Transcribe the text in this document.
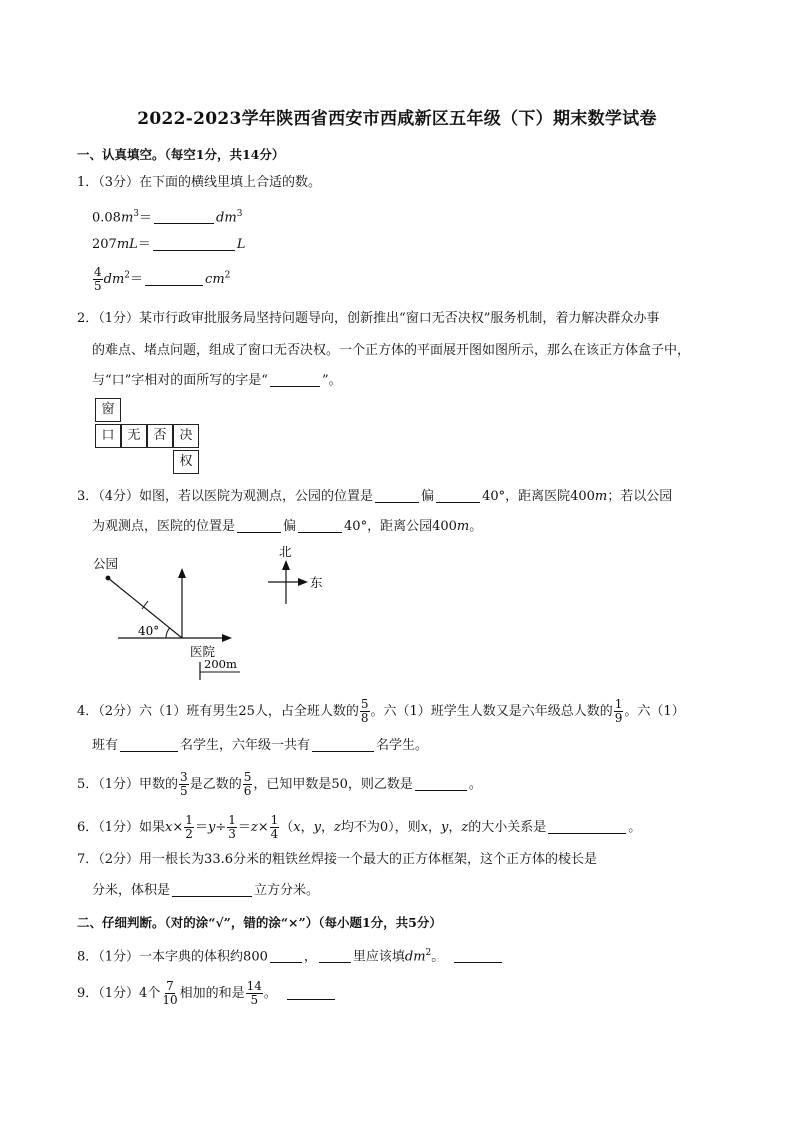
2022-2023学年陕西省西安市西咸新区五年级（下）期末数学试卷
一、认真填空。（每空1分，共14分）
1．（3分）在下面的横线里填上合适的数。
$0.08m^3=$	$dm^3$
207mL＝	L
$\frac{4}{5} dm^2=$	$cm^2$
2．（1分）某市行政审批服务局坚持问题导向，创新推出“窗口无否决权”服务机制，着力解决群众办事
的难点、堵点问题，组成了窗口无否决权。一个正方体的平面展开图如图所示，那么在该正方体盒子中，
与“口”字相对的面所写的字是“	”。
窗
口 无 否 决
权
3．（4分）如图，若以医院为观测点，公园的位置是	偏	40°，距离医院400m；若以公园
为观测点，医院的位置是	偏	40°，距离公园400m。
40°
公园
医院
200m
北
东
4．（2分）六（1）班有男生25人，占全班人数的 $\frac{5}{8}$ 。六（1）班学生人数又是六年级总人数的 $\frac{1}{9}$ 。六（1）
班有	名学生，六年级一共有	名学生。
5．（1分）甲数的 $\frac{3}{5}$ 是乙数的 $\frac{5}{6}$ ，已知甲数是50，则乙数是	。
6．（1分）如果$x\times \frac{1}{2} =y\div \frac{1}{3} =z\times \frac{1}{4} (x$，y，z均不为0），则x，y，z的大小关系是	。
7．（2分）用一根长为33.6分米的粗铁丝焊接一个最大的正方体框架，这个正方体的棱长是
分米，体积是	立方分米。
二、仔细判断。（对的涂“√”，错的涂“×”）（每小题1分，共5分）
8．（1分）一本字典的体积约800	，	里应该填$dm^2$。
9．（1分）4个 $\frac{7}{10}$ 相加的和是 $\frac{14}{5}$ 。
